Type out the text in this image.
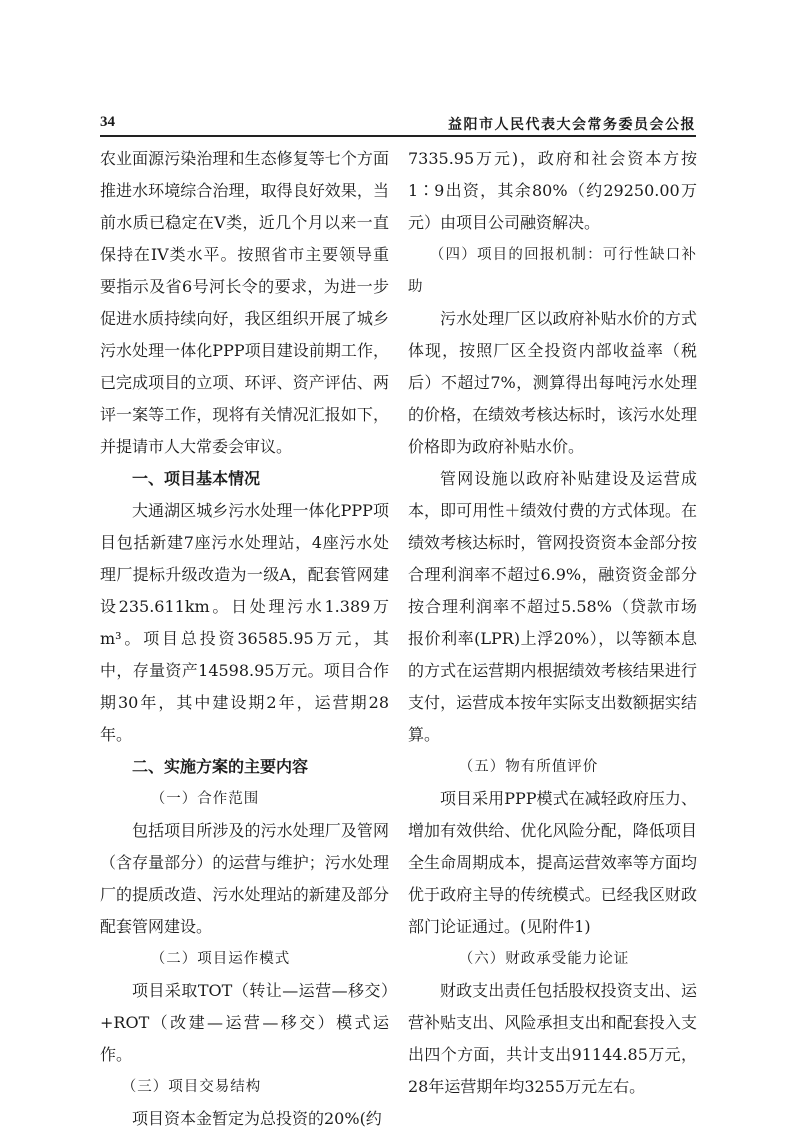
34	益阳市人民代表大会常务委员会公报

农业面源污染治理和生态修复等七个方面推进水环境综合治理，取得良好效果，当前水质已稳定在V类，近几个月以来一直保持在IV类水平。按照省市主要领导重要指示及省6号河长令的要求，为进一步促进水质持续向好，我区组织开展了城乡污水处理一体化PPP项目建设前期工作，已完成项目的立项、环评、资产评估、两评一案等工作，现将有关情况汇报如下，并提请市人大常委会审议。

一、项目基本情况

大通湖区城乡污水处理一体化PPP项目包括新建7座污水处理站，4座污水处理厂提标升级改造为一级A，配套管网建设235.611km。日处理污水1.389万m³。项目总投资36585.95万元，其中，存量资产14598.95万元。项目合作期30年，其中建设期2年，运营期28年。

二、实施方案的主要内容

（一）合作范围

包括项目所涉及的污水处理厂及管网（含存量部分）的运营与维护；污水处理厂的提质改造、污水处理站的新建及部分配套管网建设。

（二）项目运作模式

项目采取TOT（转让—运营—移交）+ROT（改建—运营—移交）模式运作。

（三）项目交易结构

项目资本金暂定为总投资的20%(约

7335.95万元)，政府和社会资本方按1∶9出资，其余80%（约29250.00万元）由项目公司融资解决。

（四）项目的回报机制：可行性缺口补助

污水处理厂区以政府补贴水价的方式体现，按照厂区全投资内部收益率（税后）不超过7%，测算得出每吨污水处理的价格，在绩效考核达标时，该污水处理价格即为政府补贴水价。

管网设施以政府补贴建设及运营成本，即可用性＋绩效付费的方式体现。在绩效考核达标时，管网投资资本金部分按合理利润率不超过6.9%，融资资金部分按合理利润率不超过5.58%（贷款市场报价利率(LPR)上浮20%），以等额本息的方式在运营期内根据绩效考核结果进行支付，运营成本按年实际支出数额据实结算。

（五）物有所值评价

项目采用PPP模式在减轻政府压力、增加有效供给、优化风险分配，降低项目全生命周期成本，提高运营效率等方面均优于政府主导的传统模式。已经我区财政部门论证通过。(见附件1)

（六）财政承受能力论证

财政支出责任包括股权投资支出、运营补贴支出、风险承担支出和配套投入支出四个方面，共计支出91144.85万元，28年运营期年均3255万元左右。
